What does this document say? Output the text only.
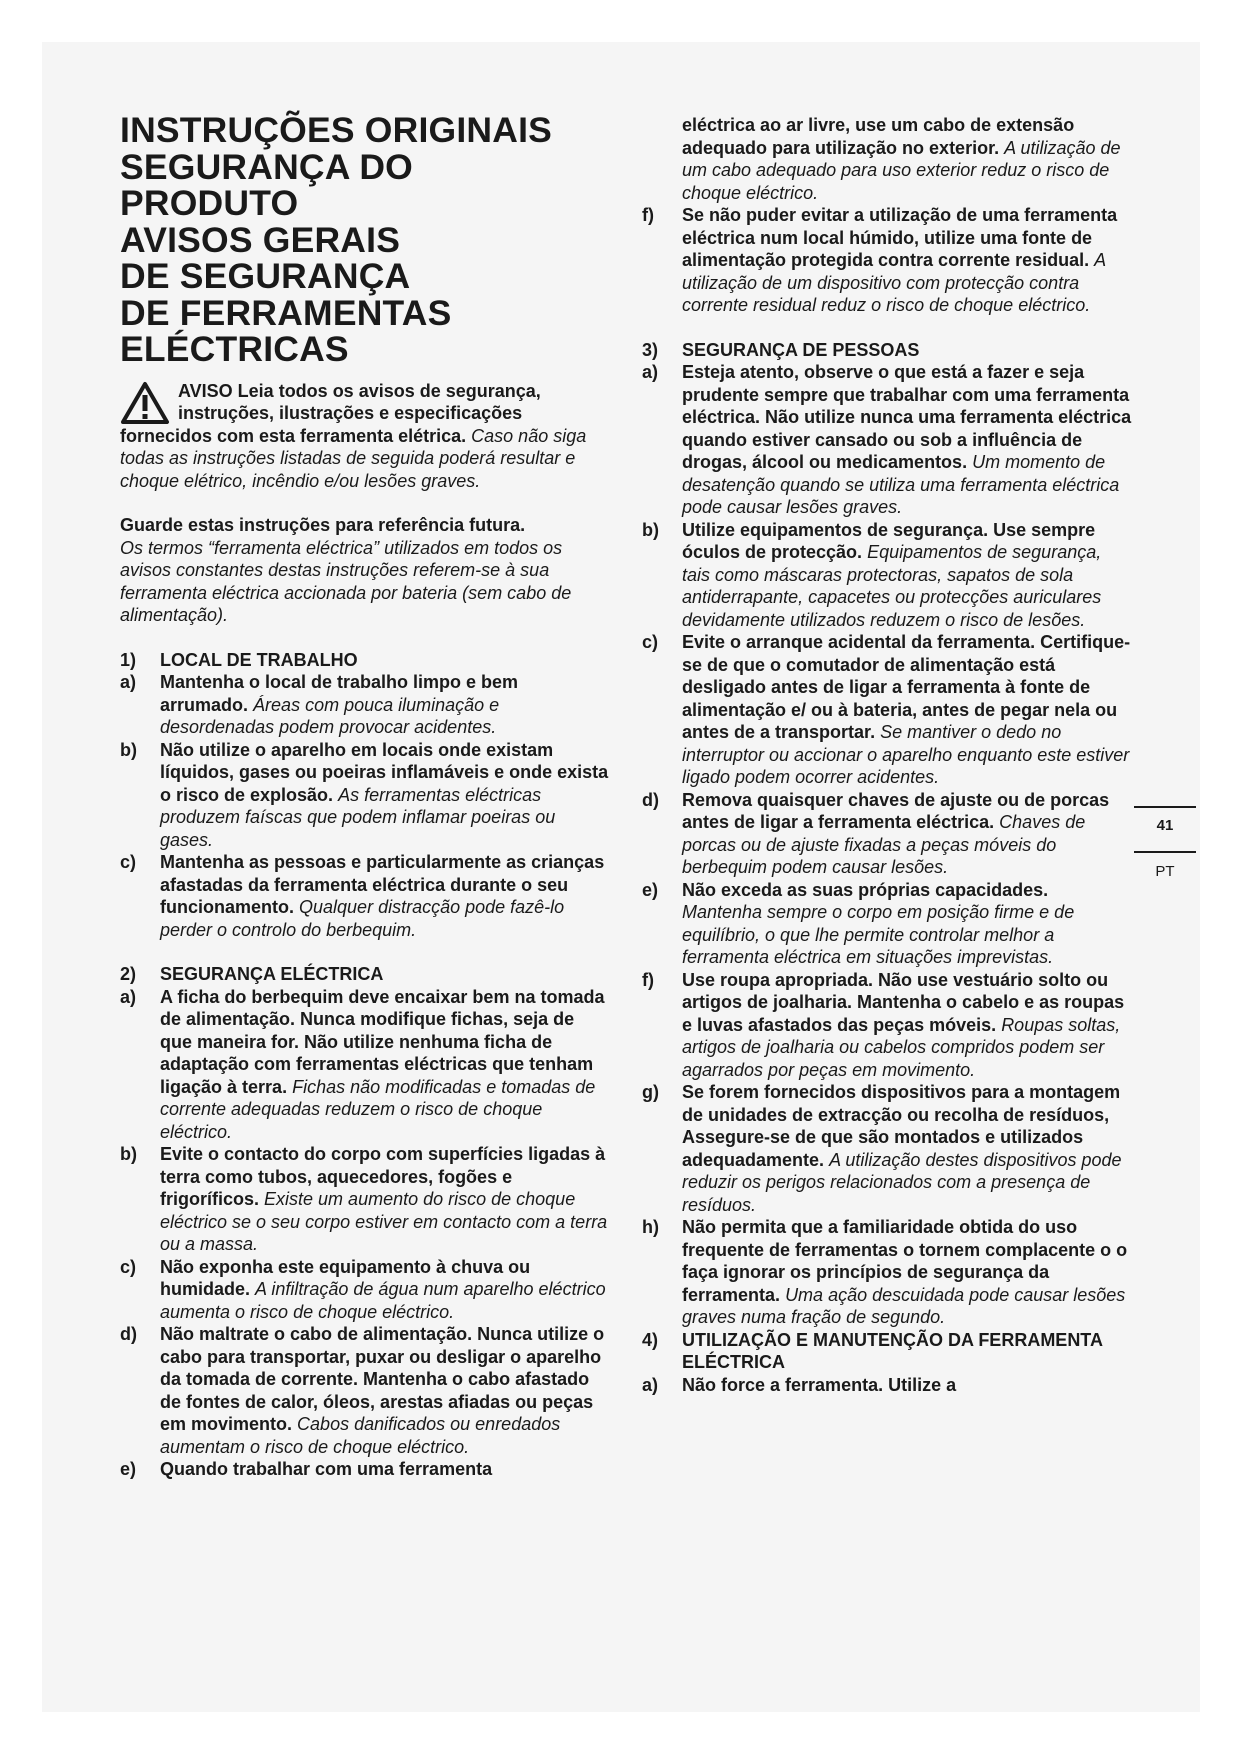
INSTRUÇÕES ORIGINAIS
SEGURANÇA DO
PRODUTO
AVISOS GERAIS
DE SEGURANÇA
DE FERRAMENTAS
ELÉCTRICAS

AVISO Leia todos os avisos de segurança, instruções, ilustrações e especificações fornecidos com esta ferramenta elétrica. Caso não siga todas as instruções listadas de seguida poderá resultar e choque elétrico, incêndio e/ou lesões graves.

Guarde estas instruções para referência futura.
Os termos “ferramenta eléctrica” utilizados em todos os avisos constantes destas instruções referem-se à sua ferramenta eléctrica accionada por bateria (sem cabo de alimentação).

1) LOCAL DE TRABALHO

a) Mantenha o local de trabalho limpo e bem arrumado. Áreas com pouca iluminação e desordenadas podem provocar acidentes.

b) Não utilize o aparelho em locais onde existam líquidos, gases ou poeiras inflamáveis e onde exista o risco de explosão. As ferramentas eléctricas produzem faíscas que podem inflamar poeiras ou gases.

c) Mantenha as pessoas e particularmente as crianças afastadas da ferramenta eléctrica durante o seu funcionamento. Qualquer distracção pode fazê-lo perder o controlo do berbequim.

2) SEGURANÇA ELÉCTRICA

a) A ficha do berbequim deve encaixar bem na tomada de alimentação. Nunca modifique fichas, seja de que maneira for. Não utilize nenhuma ficha de adaptação com ferramentas eléctricas que tenham ligação à terra. Fichas não modificadas e tomadas de corrente adequadas reduzem o risco de choque eléctrico.

b) Evite o contacto do corpo com superfícies ligadas à terra como tubos, aquecedores, fogões e frigoríficos. Existe um aumento do risco de choque eléctrico se o seu corpo estiver em contacto com a terra ou a massa.

c) Não exponha este equipamento à chuva ou humidade. A infiltração de água num aparelho eléctrico aumenta o risco de choque eléctrico.

d) Não maltrate o cabo de alimentação. Nunca utilize o cabo para transportar, puxar ou desligar o aparelho da tomada de corrente. Mantenha o cabo afastado de fontes de calor, óleos, arestas afiadas ou peças em movimento. Cabos danificados ou enredados aumentam o risco de choque eléctrico.

e) Quando trabalhar com uma ferramenta

eléctrica ao ar livre, use um cabo de extensão adequado para utilização no exterior. A utilização de um cabo adequado para uso exterior reduz o risco de choque eléctrico.

f) Se não puder evitar a utilização de uma ferramenta eléctrica num local húmido, utilize uma fonte de alimentação protegida contra corrente residual. A utilização de um dispositivo com protecção contra corrente residual reduz o risco de choque eléctrico.

3) SEGURANÇA DE PESSOAS

a) Esteja atento, observe o que está a fazer e seja prudente sempre que trabalhar com uma ferramenta eléctrica. Não utilize nunca uma ferramenta eléctrica quando estiver cansado ou sob a influência de drogas, álcool ou medicamentos. Um momento de desatenção quando se utiliza uma ferramenta eléctrica pode causar lesões graves.

b) Utilize equipamentos de segurança. Use sempre óculos de protecção. Equipamentos de segurança, tais como máscaras protectoras, sapatos de sola antiderrapante, capacetes ou protecções auriculares devidamente utilizados reduzem o risco de lesões.

c) Evite o arranque acidental da ferramenta. Certifique-se de que o comutador de alimentação está desligado antes de ligar a ferramenta à fonte de alimentação e/ ou à bateria, antes de pegar nela ou antes de a transportar. Se mantiver o dedo no interruptor ou accionar o aparelho enquanto este estiver ligado podem ocorrer acidentes.

d) Remova quaisquer chaves de ajuste ou de porcas antes de ligar a ferramenta eléctrica. Chaves de porcas ou de ajuste fixadas a peças móveis do berbequim podem causar lesões.

e) Não exceda as suas próprias capacidades. Mantenha sempre o corpo em posição firme e de equilíbrio, o que lhe permite controlar melhor a ferramenta eléctrica em situações imprevistas.

f) Use roupa apropriada. Não use vestuário solto ou artigos de joalharia. Mantenha o cabelo e as roupas e luvas afastados das peças móveis. Roupas soltas, artigos de joalharia ou cabelos compridos podem ser agarrados por peças em movimento.

g) Se forem fornecidos dispositivos para a montagem de unidades de extracção ou recolha de resíduos, Assegure-se de que são montados e utilizados adequadamente. A utilização destes dispositivos pode reduzir os perigos relacionados com a presença de resíduos.

h) Não permita que a familiaridade obtida do uso frequente de ferramentas o tornem complacente o o faça ignorar os princípios de segurança da ferramenta. Uma ação descuidada pode causar lesões graves numa fração de segundo.

4) UTILIZAÇÃO E MANUTENÇÃO DA FERRAMENTA ELÉCTRICA

a) Não force a ferramenta. Utilize a

41
PT
